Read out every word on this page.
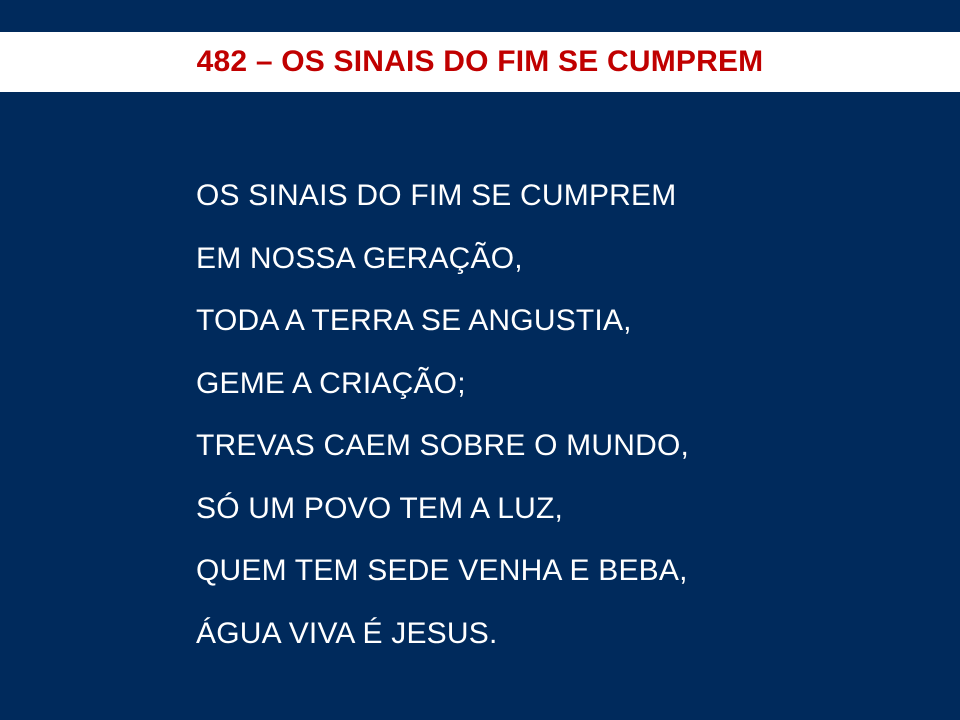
482 – OS SINAIS DO FIM SE CUMPREM
OS SINAIS DO FIM SE CUMPREM
EM NOSSA GERAÇÃO,
TODA A TERRA SE ANGUSTIA,
GEME A CRIAÇÃO;
TREVAS CAEM SOBRE O MUNDO,
SÓ UM POVO TEM A LUZ,
QUEM TEM SEDE VENHA E BEBA,
ÁGUA VIVA É JESUS.
